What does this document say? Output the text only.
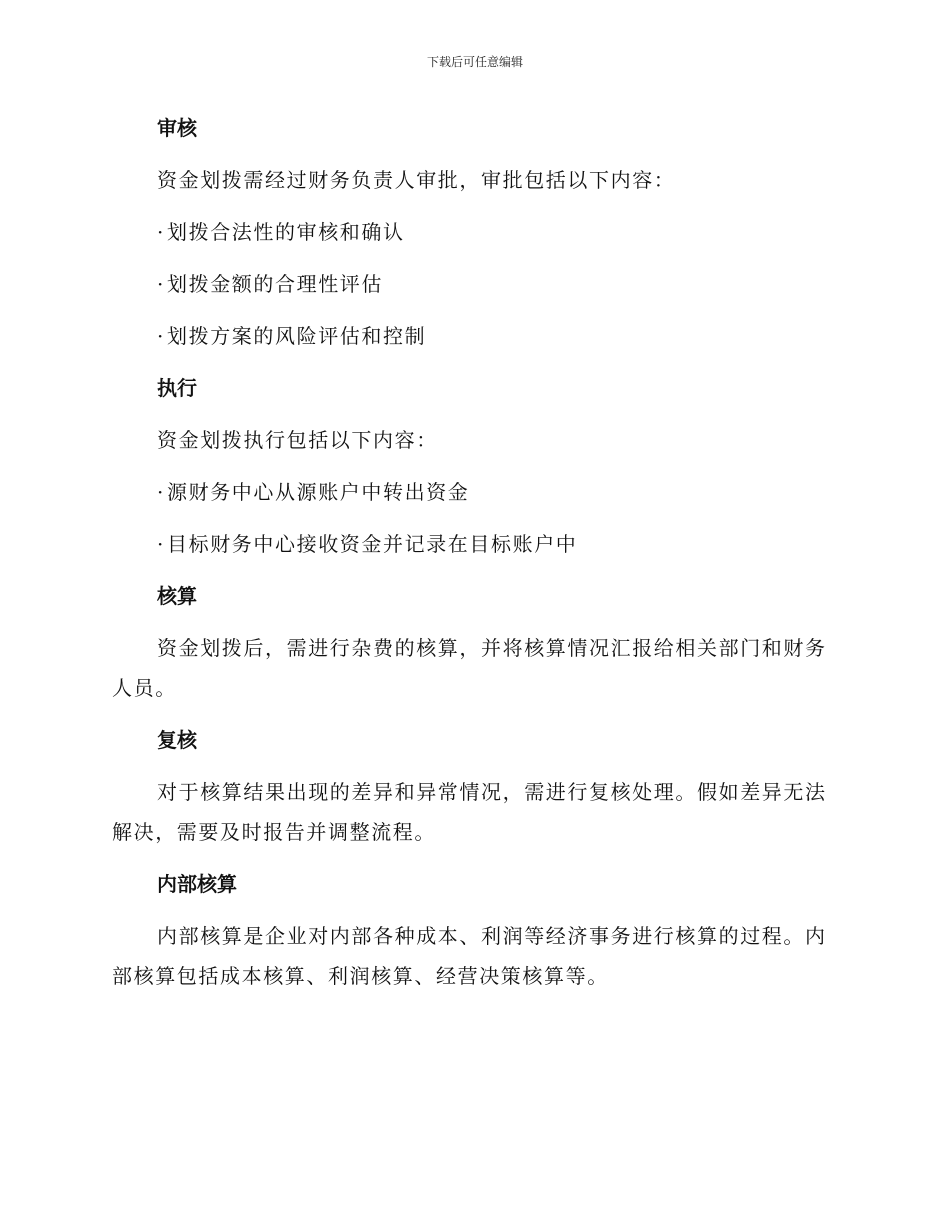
下载后可任意编辑
审核
资金划拨需经过财务负责人审批，审批包括以下内容：
· 划拨合法性的审核和确认
· 划拨金额的合理性评估
· 划拨方案的风险评估和控制
执行
资金划拨执行包括以下内容：
· 源财务中心从源账户中转出资金
· 目标财务中心接收资金并记录在目标账户中
核算
资金划拨后，需进行杂费的核算，并将核算情况汇报给相关部门和财务人员。
复核
对于核算结果出现的差异和异常情况，需进行复核处理。假如差异无法解决，需要及时报告并调整流程。
内部核算
内部核算是企业对内部各种成本、利润等经济事务进行核算的过程。内部核算包括成本核算、利润核算、经营决策核算等。
